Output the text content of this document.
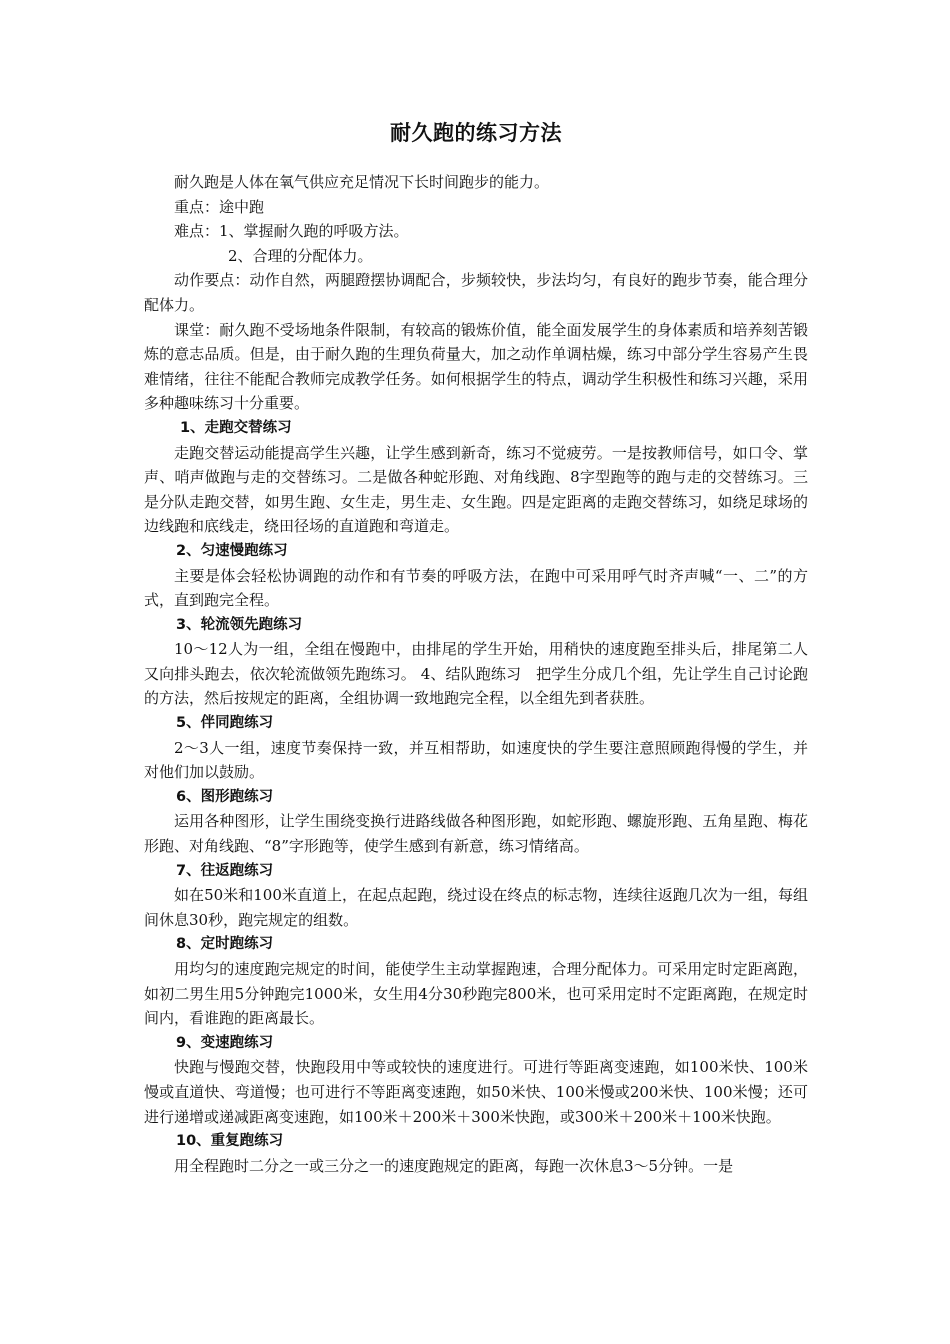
耐久跑的练习方法

耐久跑是人体在氧气供应充足情况下长时间跑步的能力。

重点：途中跑

难点：1、掌握耐久跑的呼吸方法。

2、合理的分配体力。

动作要点：动作自然，两腿蹬摆协调配合，步频较快，步法均匀，有良好的跑步节奏，能合理分配体力。

课堂：耐久跑不受场地条件限制，有较高的锻炼价值，能全面发展学生的身体素质和培养刻苦锻炼的意志品质。但是，由于耐久跑的生理负荷量大，加之动作单调枯燥，练习中部分学生容易产生畏难情绪，往往不能配合教师完成教学任务。如何根据学生的特点，调动学生积极性和练习兴趣，采用多种趣味练习十分重要。

1、走跑交替练习

走跑交替运动能提高学生兴趣，让学生感到新奇，练习不觉疲劳。一是按教师信号，如口令、掌声、哨声做跑与走的交替练习。二是做各种蛇形跑、对角线跑、8字型跑等的跑与走的交替练习。三是分队走跑交替，如男生跑、女生走，男生走、女生跑。四是定距离的走跑交替练习，如绕足球场的边线跑和底线走，绕田径场的直道跑和弯道走。

2、匀速慢跑练习

主要是体会轻松协调跑的动作和有节奏的呼吸方法，在跑中可采用呼气时齐声喊“一、二”的方式，直到跑完全程。

3、轮流领先跑练习

10～12人为一组，全组在慢跑中，由排尾的学生开始，用稍快的速度跑至排头后，排尾第二人又向排头跑去，依次轮流做领先跑练习。 4、结队跑练习　把学生分成几个组，先让学生自己讨论跑的方法，然后按规定的距离，全组协调一致地跑完全程，以全组先到者获胜。

5、伴同跑练习

2～3人一组，速度节奏保持一致，并互相帮助，如速度快的学生要注意照顾跑得慢的学生，并对他们加以鼓励。

6、图形跑练习

运用各种图形，让学生围绕变换行进路线做各种图形跑，如蛇形跑、螺旋形跑、五角星跑、梅花形跑、对角线跑、“8”字形跑等，使学生感到有新意，练习情绪高。

7、往返跑练习

如在50米和100米直道上，在起点起跑，绕过设在终点的标志物，连续往返跑几次为一组，每组间休息30秒，跑完规定的组数。

8、定时跑练习

用均匀的速度跑完规定的时间，能使学生主动掌握跑速，合理分配体力。可采用定时定距离跑，如初二男生用5分钟跑完1000米，女生用4分30秒跑完800米，也可采用定时不定距离跑，在规定时间内，看谁跑的距离最长。

9、变速跑练习

快跑与慢跑交替，快跑段用中等或较快的速度进行。可进行等距离变速跑，如100米快、100米慢或直道快、弯道慢；也可进行不等距离变速跑，如50米快、100米慢或200米快、100米慢；还可进行递增或递减距离变速跑，如100米＋200米＋300米快跑，或300米＋200米＋100米快跑。

10、重复跑练习

用全程跑时二分之一或三分之一的速度跑规定的距离，每跑一次休息3～5分钟。一是
